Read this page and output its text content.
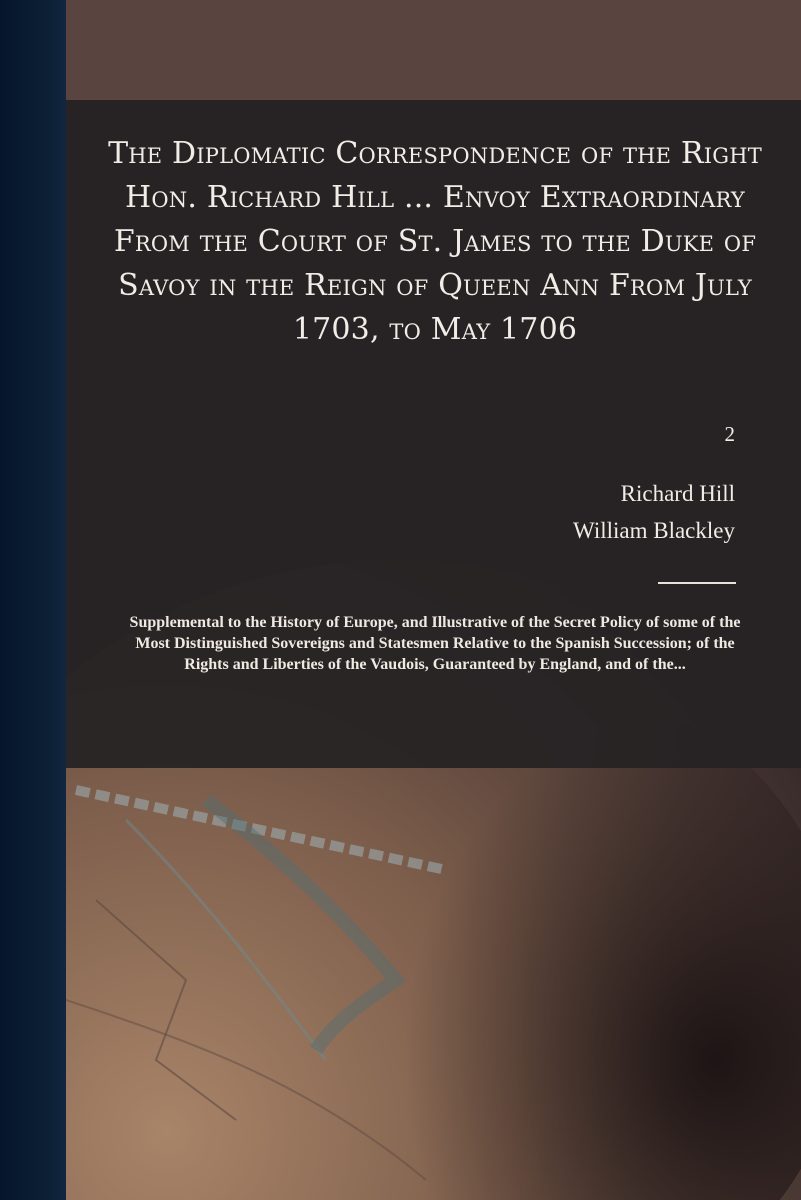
The Diplomatic Correspondence of the Right Hon. Richard Hill ... Envoy Extraordinary From the Court of St. James to the Duke of Savoy in the Reign of Queen Ann From July 1703, to May 1706
2
Richard Hill
William Blackley

Supplemental to the History of Europe, and Illustrative of the Secret Policy of some of the Most Distinguished Sovereigns and Statesmen Relative to the Spanish Succession; of the Rights and Liberties of the Vaudois, Guaranteed by England, and of the...
